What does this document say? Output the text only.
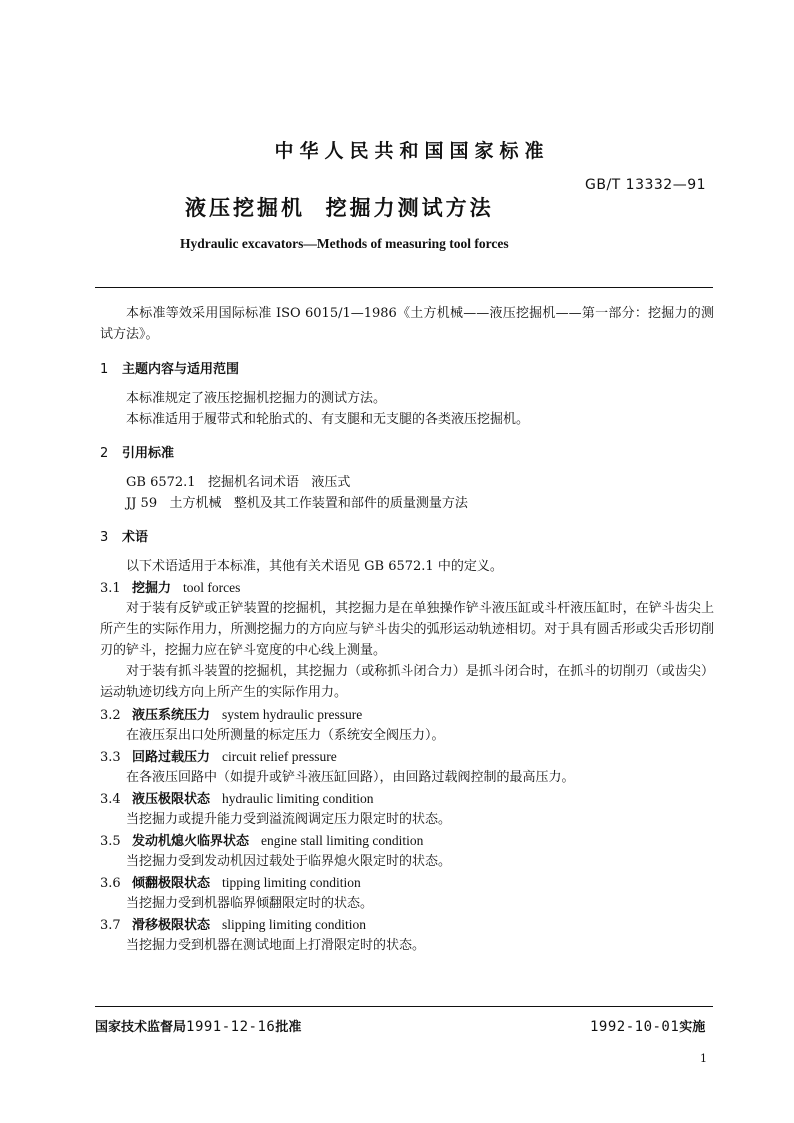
中华人民共和国国家标准
GB/T 13332—91
液压挖掘机  挖掘力测试方法
Hydraulic excavators—Methods of measuring tool forces
本标准等效采用国际标准 ISO 6015/1—1986《土方机械——液压挖掘机——第一部分：挖掘力的测试方法》。
1 主题内容与适用范围
本标准规定了液压挖掘机挖掘力的测试方法。
本标准适用于履带式和轮胎式的、有支腿和无支腿的各类液压挖掘机。
2 引用标准
GB 6572.1   挖掘机名词术语   液压式
JJ 59   土方机械   整机及其工作装置和部件的质量测量方法
3 术语
以下术语适用于本标准，其他有关术语见 GB 6572.1 中的定义。
3.1 挖掘力 tool forces
对于装有反铲或正铲装置的挖掘机，其挖掘力是在单独操作铲斗液压缸或斗杆液压缸时，在铲斗齿尖上所产生的实际作用力，所测挖掘力的方向应与铲斗齿尖的弧形运动轨迹相切。对于具有圆舌形或尖舌形切削刃的铲斗，挖掘力应在铲斗宽度的中心线上测量。
对于装有抓斗装置的挖掘机，其挖掘力（或称抓斗闭合力）是抓斗闭合时，在抓斗的切削刃（或齿尖）运动轨迹切线方向上所产生的实际作用力。
3.2 液压系统压力 system hydraulic pressure
在液压泵出口处所测量的标定压力（系统安全阀压力）。
3.3 回路过载压力 circuit relief pressure
在各液压回路中（如提升或铲斗液压缸回路），由回路过载阀控制的最高压力。
3.4 液压极限状态 hydraulic limiting condition
当挖掘力或提升能力受到溢流阀调定压力限定时的状态。
3.5 发动机熄火临界状态 engine stall limiting condition
当挖掘力受到发动机因过载处于临界熄火限定时的状态。
3.6 倾翻极限状态 tipping limiting condition
当挖掘力受到机器临界倾翻限定时的状态。
3.7 滑移极限状态 slipping limiting condition
当挖掘力受到机器在测试地面上打滑限定时的状态。
国家技术监督局1991-12-16批准	1992-10-01实施
1
